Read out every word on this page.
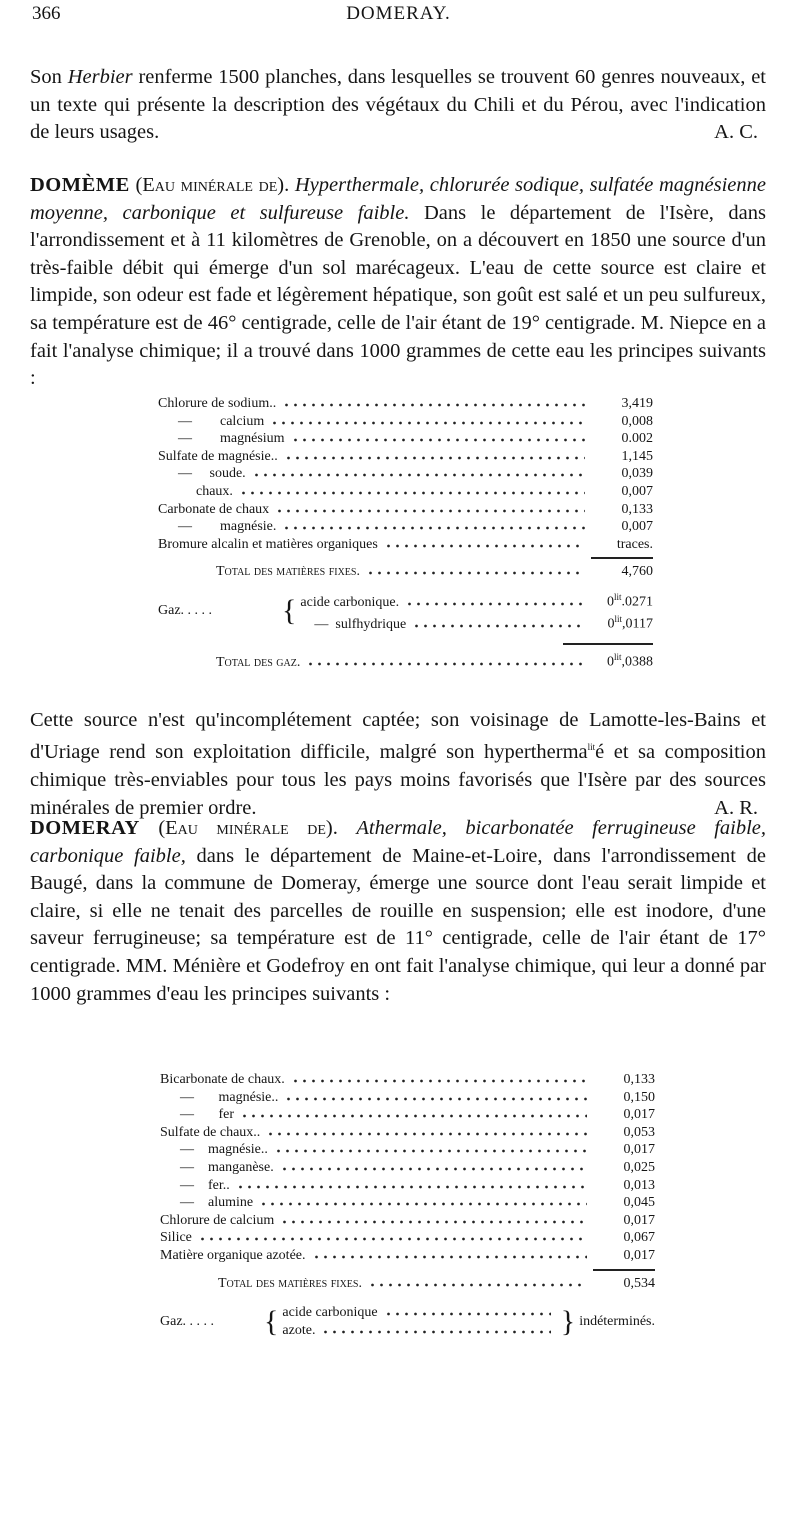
366	DOMERAY.
Son Herbier renferme 1500 planches, dans lesquelles se trouvent 60 genres nouveaux, et un texte qui présente la description des végétaux du Chili et du Pérou, avec l'indication de leurs usages.	A. C.
DOMÈME (Eau minérale de). Hyperthermale, chlorurée sodique, sulfatée magnésienne moyenne, carbonique et sulfureuse faible. Dans le département de l'Isère, dans l'arrondissement et à 11 kilomètres de Grenoble, on a découvert en 1850 une source d'un très-faible débit qui émerge d'un sol marécageux. L'eau de cette source est claire et limpide, son odeur est fade et légèrement hépatique, son goût est salé et un peu sulfureux, sa température est de 46° centigrade, celle de l'air étant de 19° centigrade. M. Niepce en a fait l'analyse chimique; il a trouvé dans 1000 grammes de cette eau les principes suivants :
Chlorure de sodium..	3,419
—        calcium	0,008
—        magnésium	0.002
Sulfate de magnésie..	1,145
—     soude.	0,039
chaux.	0,007
Carbonate de chaux	0,133
—        magnésie.	0,007
Bromure alcalin et matières organiques	traces.
Total des matières fixes.	4,760
Gaz. . . . .	{ acide carbonique.	$0^{lit}.0271$
—  sulfhydrique	$0^{lit},0117$
Total des gaz.	$0^{lit},0388$
Cette source n'est qu'incomplétement captée; son voisinage de Lamotte-les-Bains et d'Uriage rend son exploitation difficile, malgré son hypertherma$^{lit}$é et sa composition chimique très-enviables pour tous les pays moins favorisés que l'Isère par des sources minérales de premier ordre.	A. R.
DOMERAY (Eau minérale de). Athermale, bicarbonatée ferrugineuse faible, carbonique faible, dans le département de Maine-et-Loire, dans l'arrondissement de Baugé, dans la commune de Domeray, émerge une source dont l'eau serait limpide et claire, si elle ne tenait des parcelles de rouille en suspension; elle est inodore, d'une saveur ferrugineuse; sa température est de 11° centigrade, celle de l'air étant de 17° centigrade. MM. Ménière et Godefroy en ont fait l'analyse chimique, qui leur a donné par 1000 grammes d'eau les principes suivants :
Bicarbonate de chaux.	0,133
—       magnésie..	0,150
—       fer	0,017
Sulfate de chaux..	0,053
—    magnésie..	0,017
—    manganèse.	0,025
—    fer..	0,013
—    alumine	0,045
Chlorure de calcium	0,017
Silice	0,067
Matière organique azotée.	0,017
Total des matières fixes.	0,534
Gaz. . . . .	{ acide carbonique
azote.	} indéterminés.
